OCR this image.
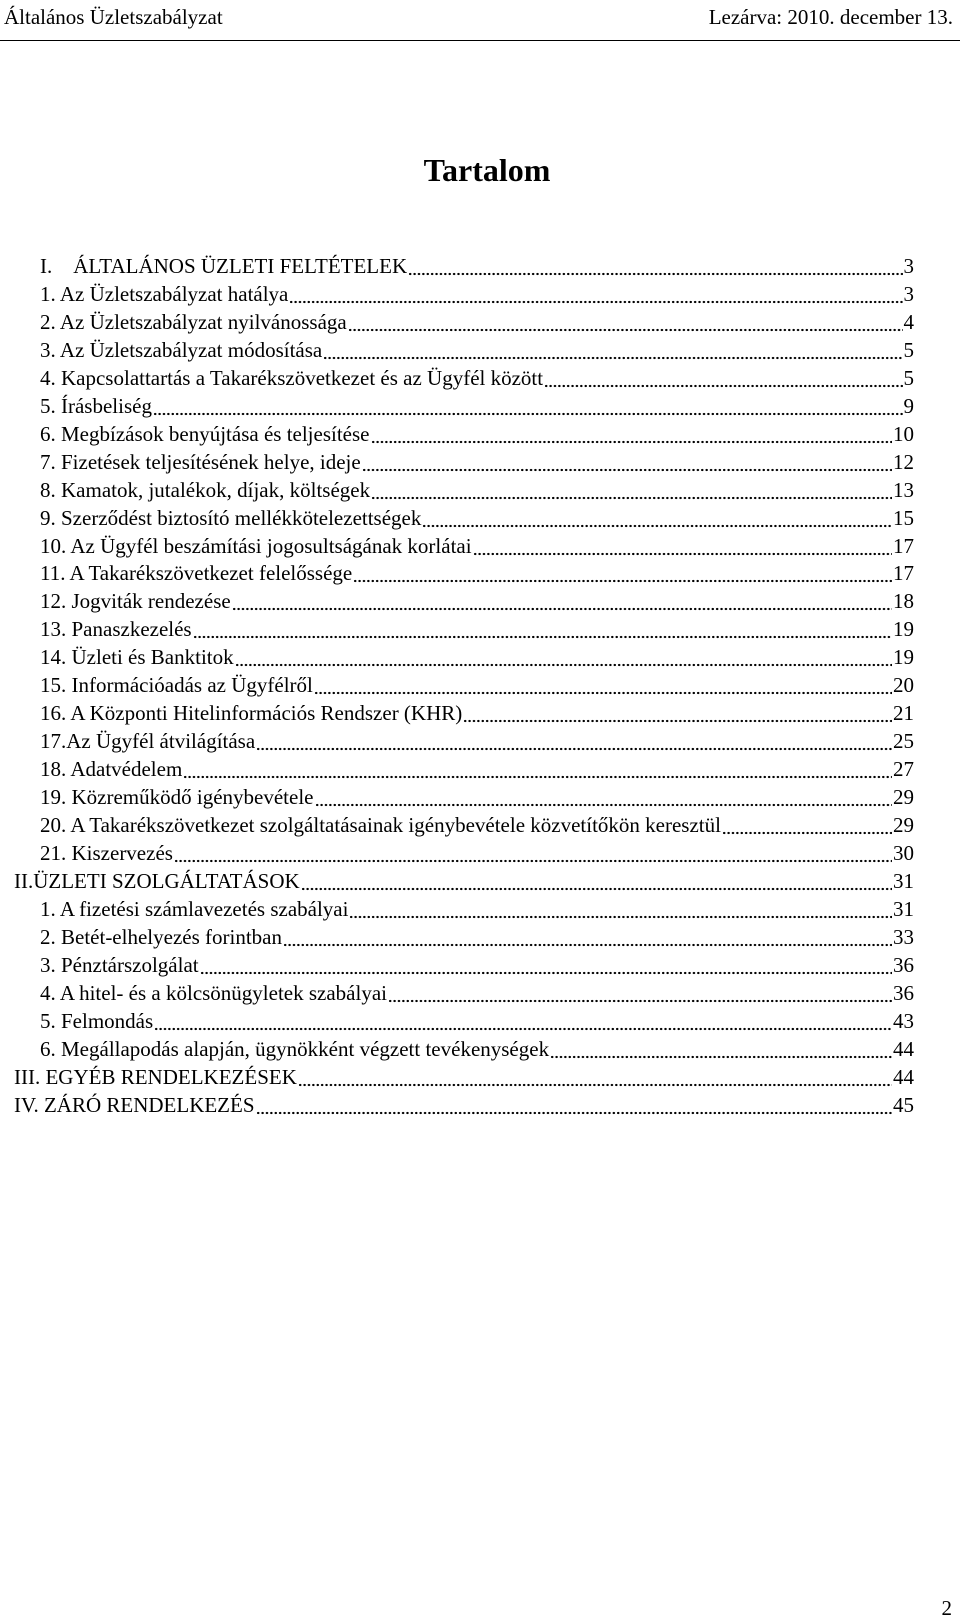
Általános Üzletszabályzat	Lezárva: 2010. december 13.
Tartalom
I.    ÁLTALÁNOS ÜZLETI FELTÉTELEK	3
1. Az Üzletszabályzat hatálya	3
2. Az Üzletszabályzat nyilvánossága	4
3. Az Üzletszabályzat módosítása	5
4. Kapcsolattartás a Takarékszövetkezet és az Ügyfél között	5
5. Írásbeliség	9
6. Megbízások benyújtása és teljesítése	10
7. Fizetések teljesítésének helye, ideje	12
8. Kamatok, jutalékok, díjak, költségek	13
9. Szerződést biztosító mellékkötelezettségek	15
10. Az Ügyfél beszámítási jogosultságának korlátai	17
11. A Takarékszövetkezet felelőssége	17
12. Jogviták rendezése	18
13. Panaszkezelés	19
14. Üzleti és Banktitok	19
15. Információadás az Ügyfélről	20
16. A Központi Hitelinformációs Rendszer (KHR)	21
17.Az Ügyfél átvilágítása	25
18. Adatvédelem	27
19. Közreműködő igénybevétele	29
20. A Takarékszövetkezet szolgáltatásainak igénybevétele közvetítőkön keresztül	29
21. Kiszervezés	30
II.ÜZLETI SZOLGÁLTATÁSOK	31
1. A fizetési számlavezetés szabályai	31
2. Betét-elhelyezés forintban	33
3. Pénztárszolgálat	36
4. A hitel- és a kölcsönügyletek szabályai	36
5. Felmondás	43
6. Megállapodás alapján, ügynökként végzett tevékenységek	44
III. EGYÉB RENDELKEZÉSEK	44
IV. ZÁRÓ RENDELKEZÉS	45
2
